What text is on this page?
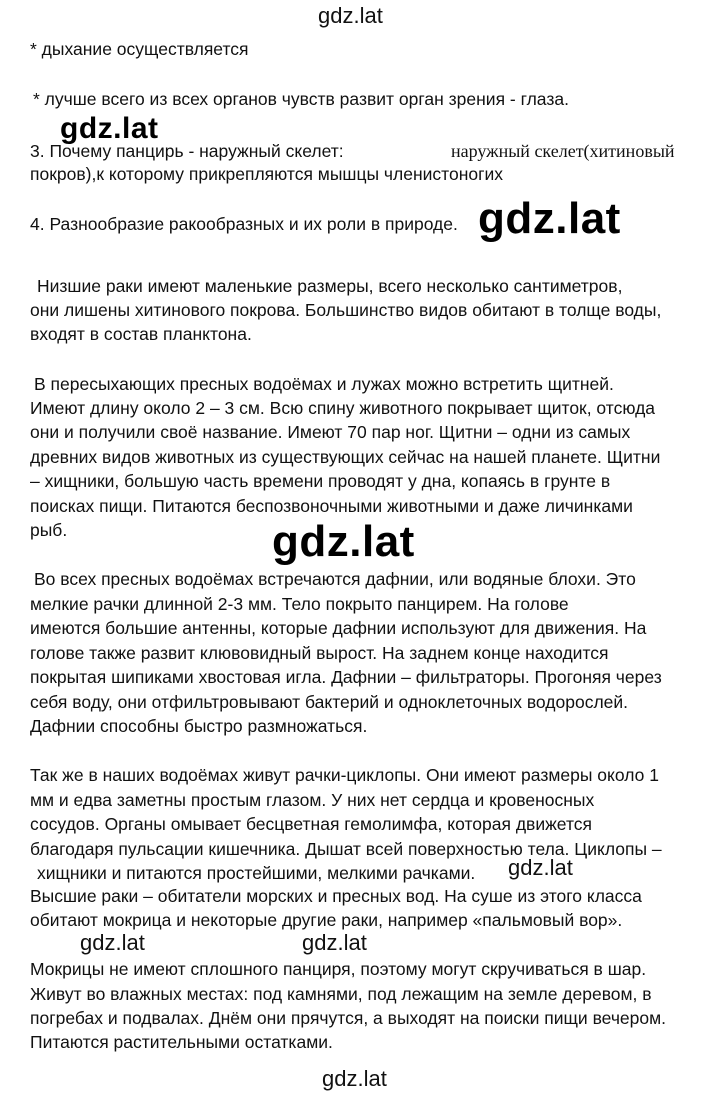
gdz.lat
gdz.lat
gdz.lat
gdz.lat
gdz.lat
gdz.lat	gdz.lat
gdz.lat
* дыхание осуществляется
* лучше всего из всех органов чувств развит орган зрения - глаза.
3. Почему панцирь - наружный скелет:	наружный скелет(хитиновый
покров),к которому прикрепляются мышцы членистоногих
4. Разнообразие ракообразных и их роли в природе.
Низшие раки имеют маленькие размеры, всего несколько сантиметров,
они лишены хитинового покрова. Большинство видов обитают в толще воды,
входят в состав планктона.
В пересыхающих пресных водоёмах и лужах можно встретить щитней.
Имеют длину около 2 – 3 см. Всю спину животного покрывает щиток, отсюда
они и получили своё название. Имеют 70 пар ног. Щитни – одни из самых
древних видов животных из существующих сейчас на нашей планете. Щитни
– хищники, большую часть времени проводят у дна, копаясь в грунте в
поисках пищи. Питаются беспозвоночными животными и даже личинками
рыб.
Во всех пресных водоёмах встречаются дафнии, или водяные блохи. Это
мелкие рачки длинной 2-3 мм. Тело покрыто панцирем. На голове
имеются большие антенны, которые дафнии используют для движения. На
голове также развит клювовидный вырост. На заднем конце находится
покрытая шипиками хвостовая игла. Дафнии – фильтраторы. Прогоняя через
себя воду, они отфильтровывают бактерий и одноклеточных водорослей.
Дафнии способны быстро размножаться.
Так же в наших водоёмах живут рачки-циклопы. Они имеют размеры около 1
мм и едва заметны простым глазом. У них нет сердца и кровеносных
сосудов. Органы омывает бесцветная гемолимфа, которая движется
благодаря пульсации кишечника. Дышат всей поверхностью тела. Циклопы –
хищники и питаются простейшими, мелкими рачками.
Высшие раки – обитатели морских и пресных вод. На суше из этого класса
обитают мокрица и некоторые другие раки, например «пальмовый вор».
Мокрицы не имеют сплошного панциря, поэтому могут скручиваться в шар.
Живут во влажных местах: под камнями, под лежащим на земле деревом, в
погребах и подвалах. Днём они прячутся, а выходят на поиски пищи вечером.
Питаются растительными остатками.
